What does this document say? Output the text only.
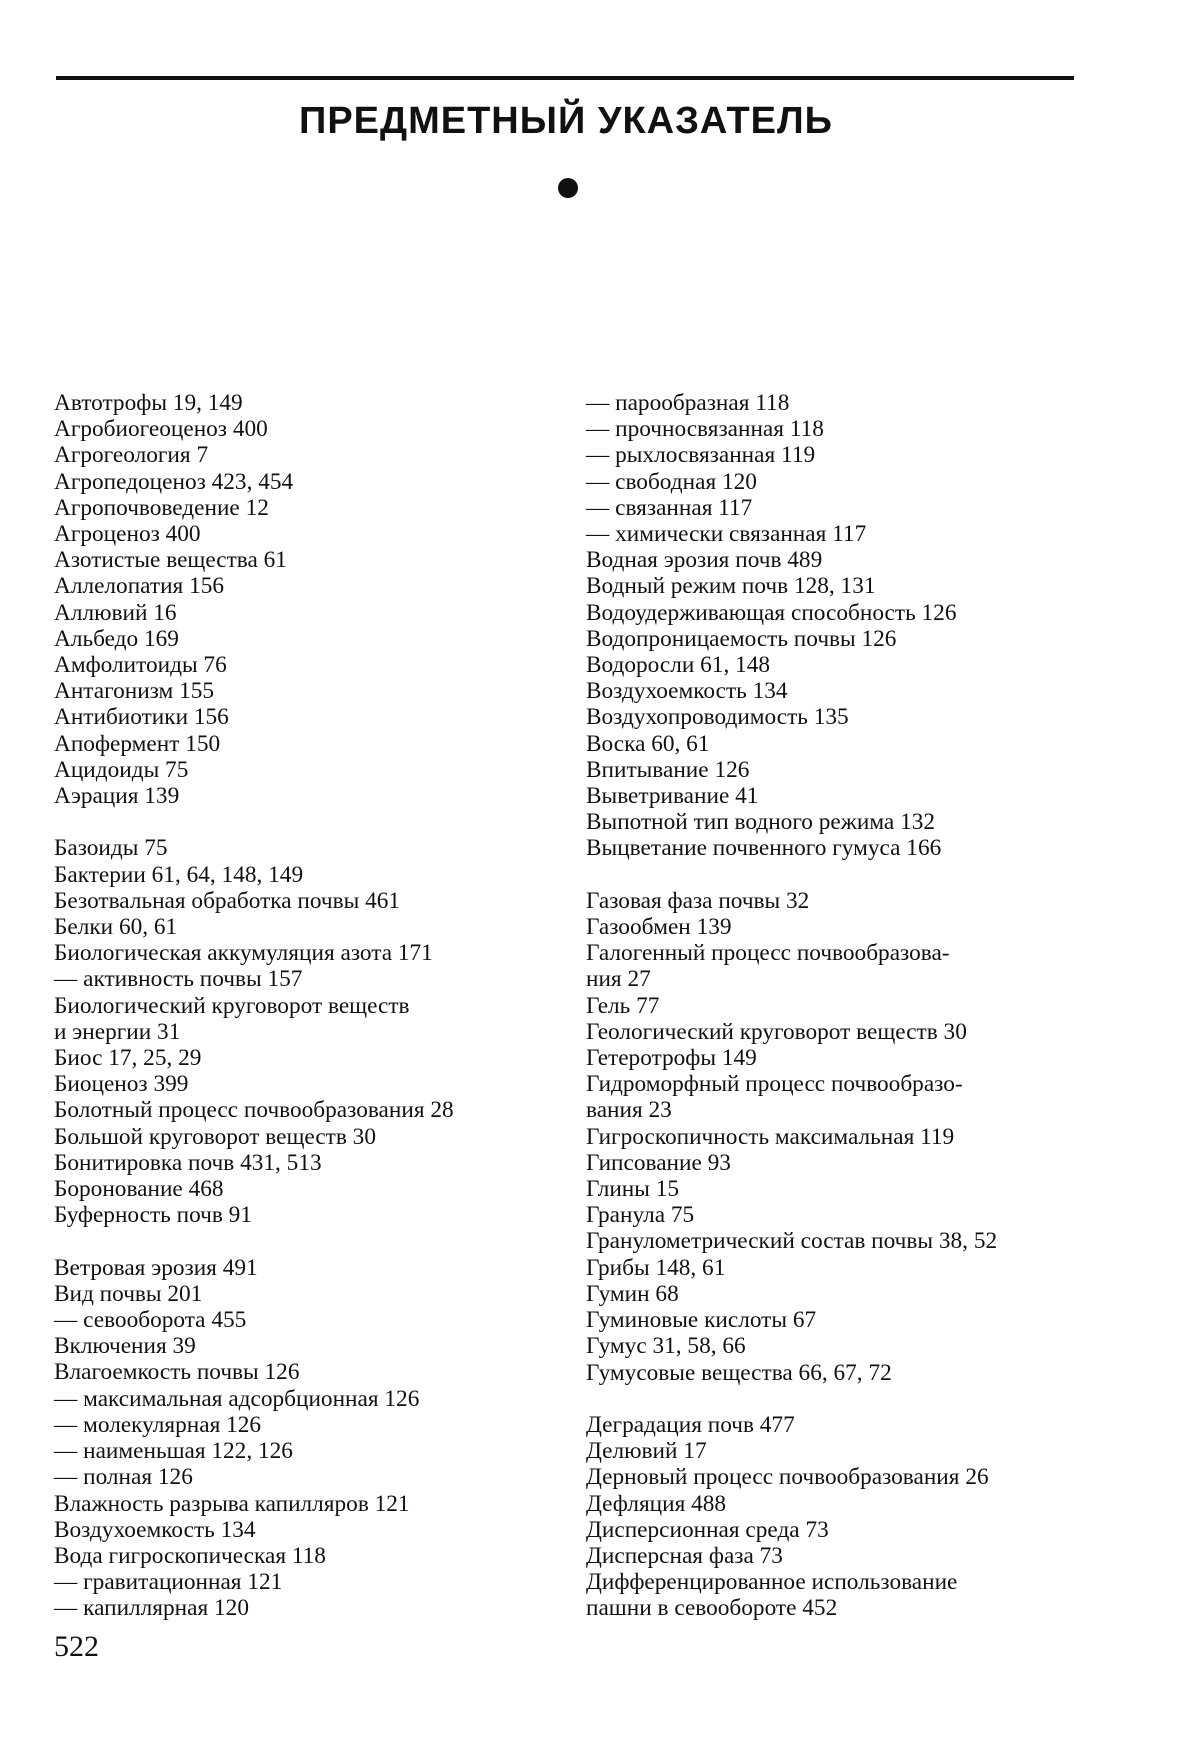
ПРЕДМЕТНЫЙ УКАЗАТЕЛЬ
Автотрофы 19, 149
Агробиогеоценоз 400
Агрогеология 7
Агропедоценоз 423, 454
Агропочвоведение 12
Агроценоз 400
Азотистые вещества 61
Аллелопатия 156
Аллювий 16
Альбедо 169
Амфолитоиды 76
Антагонизм 155
Антибиотики 156
Апофермент 150
Ацидоиды 75
Аэрация 139
Базоиды 75
Бактерии 61, 64, 148, 149
Безотвальная обработка почвы 461
Белки 60, 61
Биологическая аккумуляция азота 171
— активность почвы 157
Биологический круговорот веществ
и энергии 31
Биос 17, 25, 29
Биоценоз 399
Болотный процесс почвообразования 28
Большой круговорот веществ 30
Бонитировка почв 431, 513
Боронование 468
Буферность почв 91
Ветровая эрозия 491
Вид почвы 201
— севооборота 455
Включения 39
Влагоемкость почвы 126
— максимальная адсорбционная 126
— молекулярная 126
— наименьшая 122, 126
— полная 126
Влажность разрыва капилляров 121
Воздухоемкость 134
Вода гигроскопическая 118
— гравитационная 121
— капиллярная 120
— парообразная 118
— прочносвязанная 118
— рыхлосвязанная 119
— свободная 120
— связанная 117
— химически связанная 117
Водная эрозия почв 489
Водный режим почв 128, 131
Водоудерживающая способность 126
Водопроницаемость почвы 126
Водоросли 61, 148
Воздухоемкость 134
Воздухопроводимость 135
Воска 60, 61
Впитывание 126
Выветривание 41
Выпотной тип водного режима 132
Выцветание почвенного гумуса 166
Газовая фаза почвы 32
Газообмен 139
Галогенный процесс почвообразова-
ния 27
Гель 77
Геологический круговорот веществ 30
Гетеротрофы 149
Гидроморфный процесс почвообразо-
вания 23
Гигроскопичность максимальная 119
Гипсование 93
Глины 15
Гранула 75
Гранулометрический состав почвы 38, 52
Грибы 148, 61
Гумин 68
Гуминовые кислоты 67
Гумус 31, 58, 66
Гумусовые вещества 66, 67, 72
Деградация почв 477
Делювий 17
Дерновый процесс почвообразования 26
Дефляция 488
Дисперсионная среда 73
Дисперсная фаза 73
Дифференцированное использование
пашни в севообороте 452
522
